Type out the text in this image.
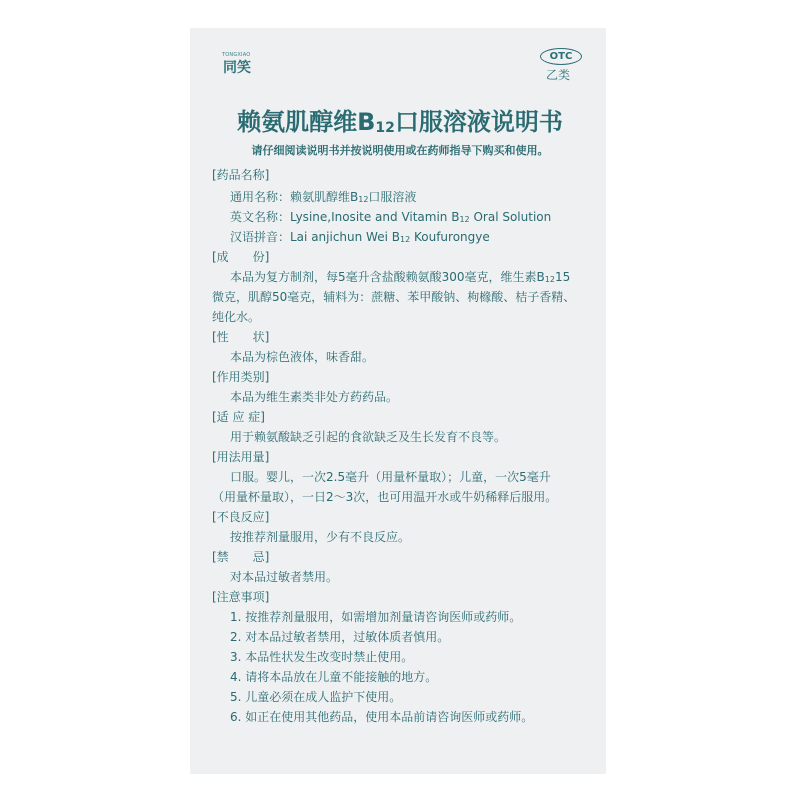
TONGXIAO
同笑
OTC
乙类
赖氨肌醇维B12口服溶液说明书
请仔细阅读说明书并按说明使用或在药师指导下购买和使用。
[药品名称]
通用名称：赖氨肌醇维B12口服溶液
英文名称：Lysine,Inosite and Vitamin B12 Oral Solution
汉语拼音：Lai anjichun Wei B12 Koufurongye
[成　　份]
本品为复方制剂，每5毫升含盐酸赖氨酸300毫克，维生素B1215
微克，肌醇50毫克，辅料为：蔗糖、苯甲酸钠、枸橼酸、桔子香精、
纯化水。
[性　　状]
本品为棕色液体，味香甜。
[作用类别]
本品为维生素类非处方药药品。
[适 应 症]
用于赖氨酸缺乏引起的食欲缺乏及生长发育不良等。
[用法用量]
口服。婴儿，一次2.5毫升（用量杯量取）；儿童，一次5毫升
（用量杯量取），一日2～3次，也可用温开水或牛奶稀释后服用。
[不良反应]
按推荐剂量服用，少有不良反应。
[禁　　忌]
对本品过敏者禁用。
[注意事项]
1. 按推荐剂量服用，如需增加剂量请咨询医师或药师。
2. 对本品过敏者禁用，过敏体质者慎用。
3. 本品性状发生改变时禁止使用。
4. 请将本品放在儿童不能接触的地方。
5. 儿童必须在成人监护下使用。
6. 如正在使用其他药品，使用本品前请咨询医师或药师。
